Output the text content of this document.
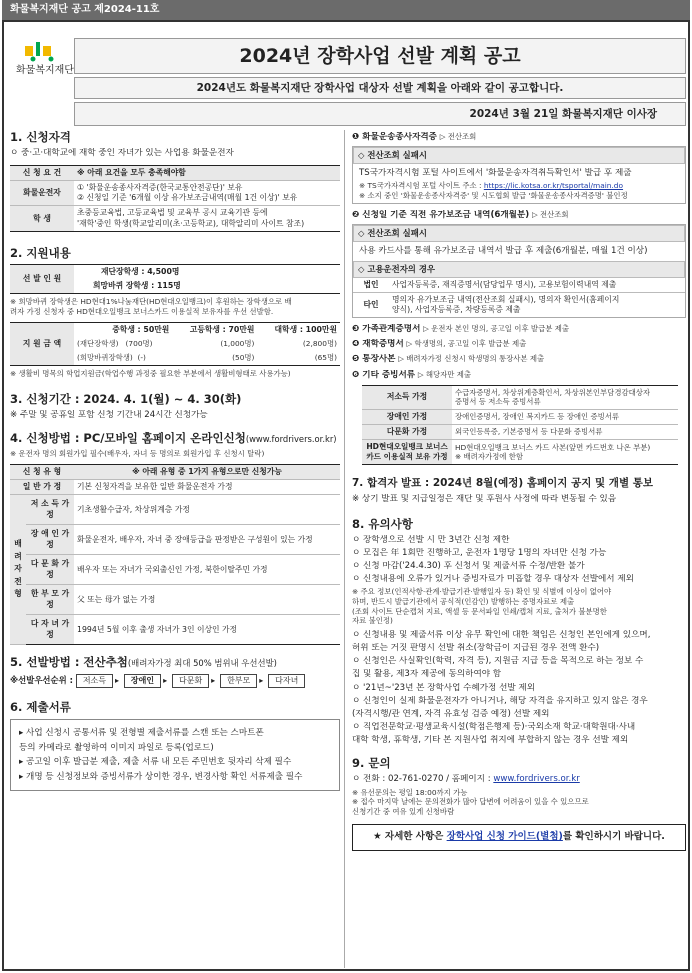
화물복지재단 공고 제2024-11호
화물복지재단
2024년 장학사업 선발 계획 공고
2024년도 화물복지재단 장학사업 대상자 선발 계획을 아래와 같이 공고합니다.
2024년 3월 21일 화물복지재단 이사장
1. 신청자격
ㅇ 중·고·대학교에 재학 중인 자녀가 있는 사업용 화물운전자
신 청 요 건	※ 아래 요건을 모두 충족해야함
화물운전자	① '화물운송종사자격증(한국교통안전공단)' 보유
② 신청일 기준 '6개월 이상 유가보조금내역(매월 1건 이상)' 보유

학 생	초중등교육법, 고등교육법 및 교육부 공시 교육기관 등에
'재학'중인 학생(학교알리미(초·고등학교), 대학알리미 사이트 참조)
2. 지원내용
선 발 인 원	
재단장학생 : 4,500명
희망바퀴 장학생 : 115명
※ 희망바퀴 장학생은 HD현대1%나눔재단(HD현대오일뱅크)이 후원하는 장학생으로 배
려자 가정 신청자 중 HD현대오일뱅크 보너스카드 이용실적 보유자를 우선 선발함.
지 원 금 액	중학생 : 50만원	고등학생 : 70만원	대학생 : 100만원
	(재단장학생) (700명)	(1,000명)	(2,800명)
	(희망바퀴장학생) (-)	(50명)	(65명)
※ 생활비 명목의 학업지원금(학업수행 과정중 필요한 부분에서 생활비형태로 사용가능)
3. 신청기간 : 2024. 4. 1(월) ~ 4. 30(화)
※ 주말 및 공휴일 포함 신청 기간내 24시간 신청가능
4. 신청방법 : PC/모바일 홈페이지 온라인신청(www.fordrivers.or.kr)
※ 운전자 명의 회원가입 필수(배우자, 자녀 등 명의로 회원가입 후 신청시 탈락)
신 청 유 형		※ 아래 유형 중 1가지 유형으로만 신청가능
일 반 가 정		기본 신청자격을 보유한 일반 화물운전자 가정
배려자전형	저 소 득 가 정	기초생활수급자, 차상위계층 가정
	장 애 인 가 정	화물운전자, 배우자, 자녀 중 장애등급을 판정받은 구성원이 있는 가정
	다 문 화 가 정	배우자 또는 자녀가 국외출신인 가정, 북한이탈주민 가정
	한 부 모 가 정	父 또는 母가 없는 가정
	다 자 녀 가 정	1994년 5월 이후 출생 자녀가 3인 이상인 가정
5. 선발방법 : 전산추첨(배려자가정 최대 50% 범위내 우선선발)
※선발우선순위 : 저소득 ▸ 장애인 ▸ 다문화 ▸ 한부모 ▸ 다자녀
6. 제출서류
▸ 사업 신청시 공통서류 및 전형별 제출서류를 스캔 또는 스마트폰
등의 카메라로 촬영하여 이미지 파일로 등록(업로드)
▸ 공고일 이후 발급분 제출, 제출 서류 내 모든 주민번호 뒷자리 삭제 필수
▸ 개명 등 신청정보와 증빙서류가 상이한 경우, 변경사항 확인 서류제출 필수
❶ 화물운송종사자격증 ▷ 전산조회
◇ 전산조회 실패시
TS국가자격시험 포털 사이트에서 '화물운송자격취득확인서' 발급 후 제출
※ TS국가자격시험 포털 사이트 주소 : https://lic.kotsa.or.kr/tsportal/main.do
※ 소지 중인 '화물운송종사자격증' 및 시도협회 발급 '화물운송종사자격증명' 불인정
❷ 신청일 기준 직전 유가보조금 내역(6개월분) ▷ 전산조회
◇ 전산조회 실패시
사용 카드사를 통해 유가보조금 내역서 발급 후 제출(6개월분, 매월 1건 이상)
◇ 고용운전자의 경우
법인	사업자등록증, 재직증명서(담당업무 명시), 고용보험이력내역 제출
타인	명의자 유가보조금 내역(전산조회 실패시), 명의자 확인서(홈페이지
양식), 사업자등록증, 차량등록증 제출
❸ 가족관계증명서 ▷ 운전자 본인 명의, 공고일 이후 발급분 제출
❹ 재학증명서 ▷ 학생명의, 공고일 이후 발급분 제출
❺ 통장사본 ▷ 배려자가정 신청시 학생명의 통장사본 제출
❻ 기타 증빙서류 ▷ 해당자만 제출
저소득 가정	수급자증명서, 차상위계층확인서, 차상위본인부담경감대상자
증명서 등 저소득 증빙서류

장애인 가정	장애인증명서, 장애인 복지카드 등 장애인 증빙서류
다문화 가정	외국인등록증, 기본증명서 등 다문화 증빙서류
HD현대오일뱅크 보너스카드 이용실적 보유 가정	HD현대오일뱅크 보너스 카드 사본(앞면 카드번호 나온 부분)
※ 배려자가정에 한함
7. 합격자 발표 : 2024년 8월(예정) 홈페이지 공지 및 개별 통보
※ 상기 발표 및 지급일정은 재단 및 후원사 사정에 따라 변동될 수 있음
8. 유의사항
ㅇ 장학생으로 선발 시 만 3년간 신청 제한
ㅇ 모집은 年 1회만 진행하고, 운전자 1명당 1명의 자녀만 신청 가능
ㅇ 신청 마감('24.4.30) 후 신청서 및 제출서류 수정/반환 불가
ㅇ 신청내용에 오류가 있거나 증빙자료가 미흡할 경우 대상자 선발에서 제외
※ 주요 정보(인적사항·관계·발급기관·발행일자 등) 확인 및 식별에 이상이 없어야
하며, 반드시 발급기관에서 공식적(인감인) 발행하는 증명자료로 제출
(조회 사이트 단순캡쳐 지료, 액셀 등 문서파일 인쇄/캡쳐 지료, 출처가 불분명한
자료 불인정)
ㅇ 신청내용 및 제출서류 이상 유무 확인에 대한 책임은 신청인 본인에게 있으며,
허위 또는 거짓 판명시 선발 취소(장학금이 지급된 경우 전액 환수)
ㅇ 신청인은 사실확인(학력, 자격 등), 지원금 지급 등을 목적으로 하는 정보 수
집 및 활용, 제3자 제공에 동의하여야 함
ㅇ '21년~'23년 본 장학사업 수혜가정 선발 제외
ㅇ 신청인이 실제 화물운전자가 아니거나, 해당 자격을 유지하고 있지 않은 경우
(자격시행/관 연계, 자격 유효성 검증 예정) 선발 제외
ㅇ 직업전문학교·평생교육시설(학점은행제 등)·국외소재 학교·대학원대·사내
대학 학생, 휴학생, 기타 본 지원사업 취지에 부합하지 않는 경우 선발 제외
9. 문의
ㅇ 전화 : 02-761-0270 / 홈페이지 : www.fordrivers.or.kr
※ 유선문의는 평일 18:00까지 가능
※ 접수 마지막 날에는 문의전화가 많아 답변에 어려움이 있을 수 있으므로
신청기간 중 여유 있게 신청바람
★ 자세한 사항은 장학사업 신청 가이드(별첨)를 확인하시기 바랍니다.
